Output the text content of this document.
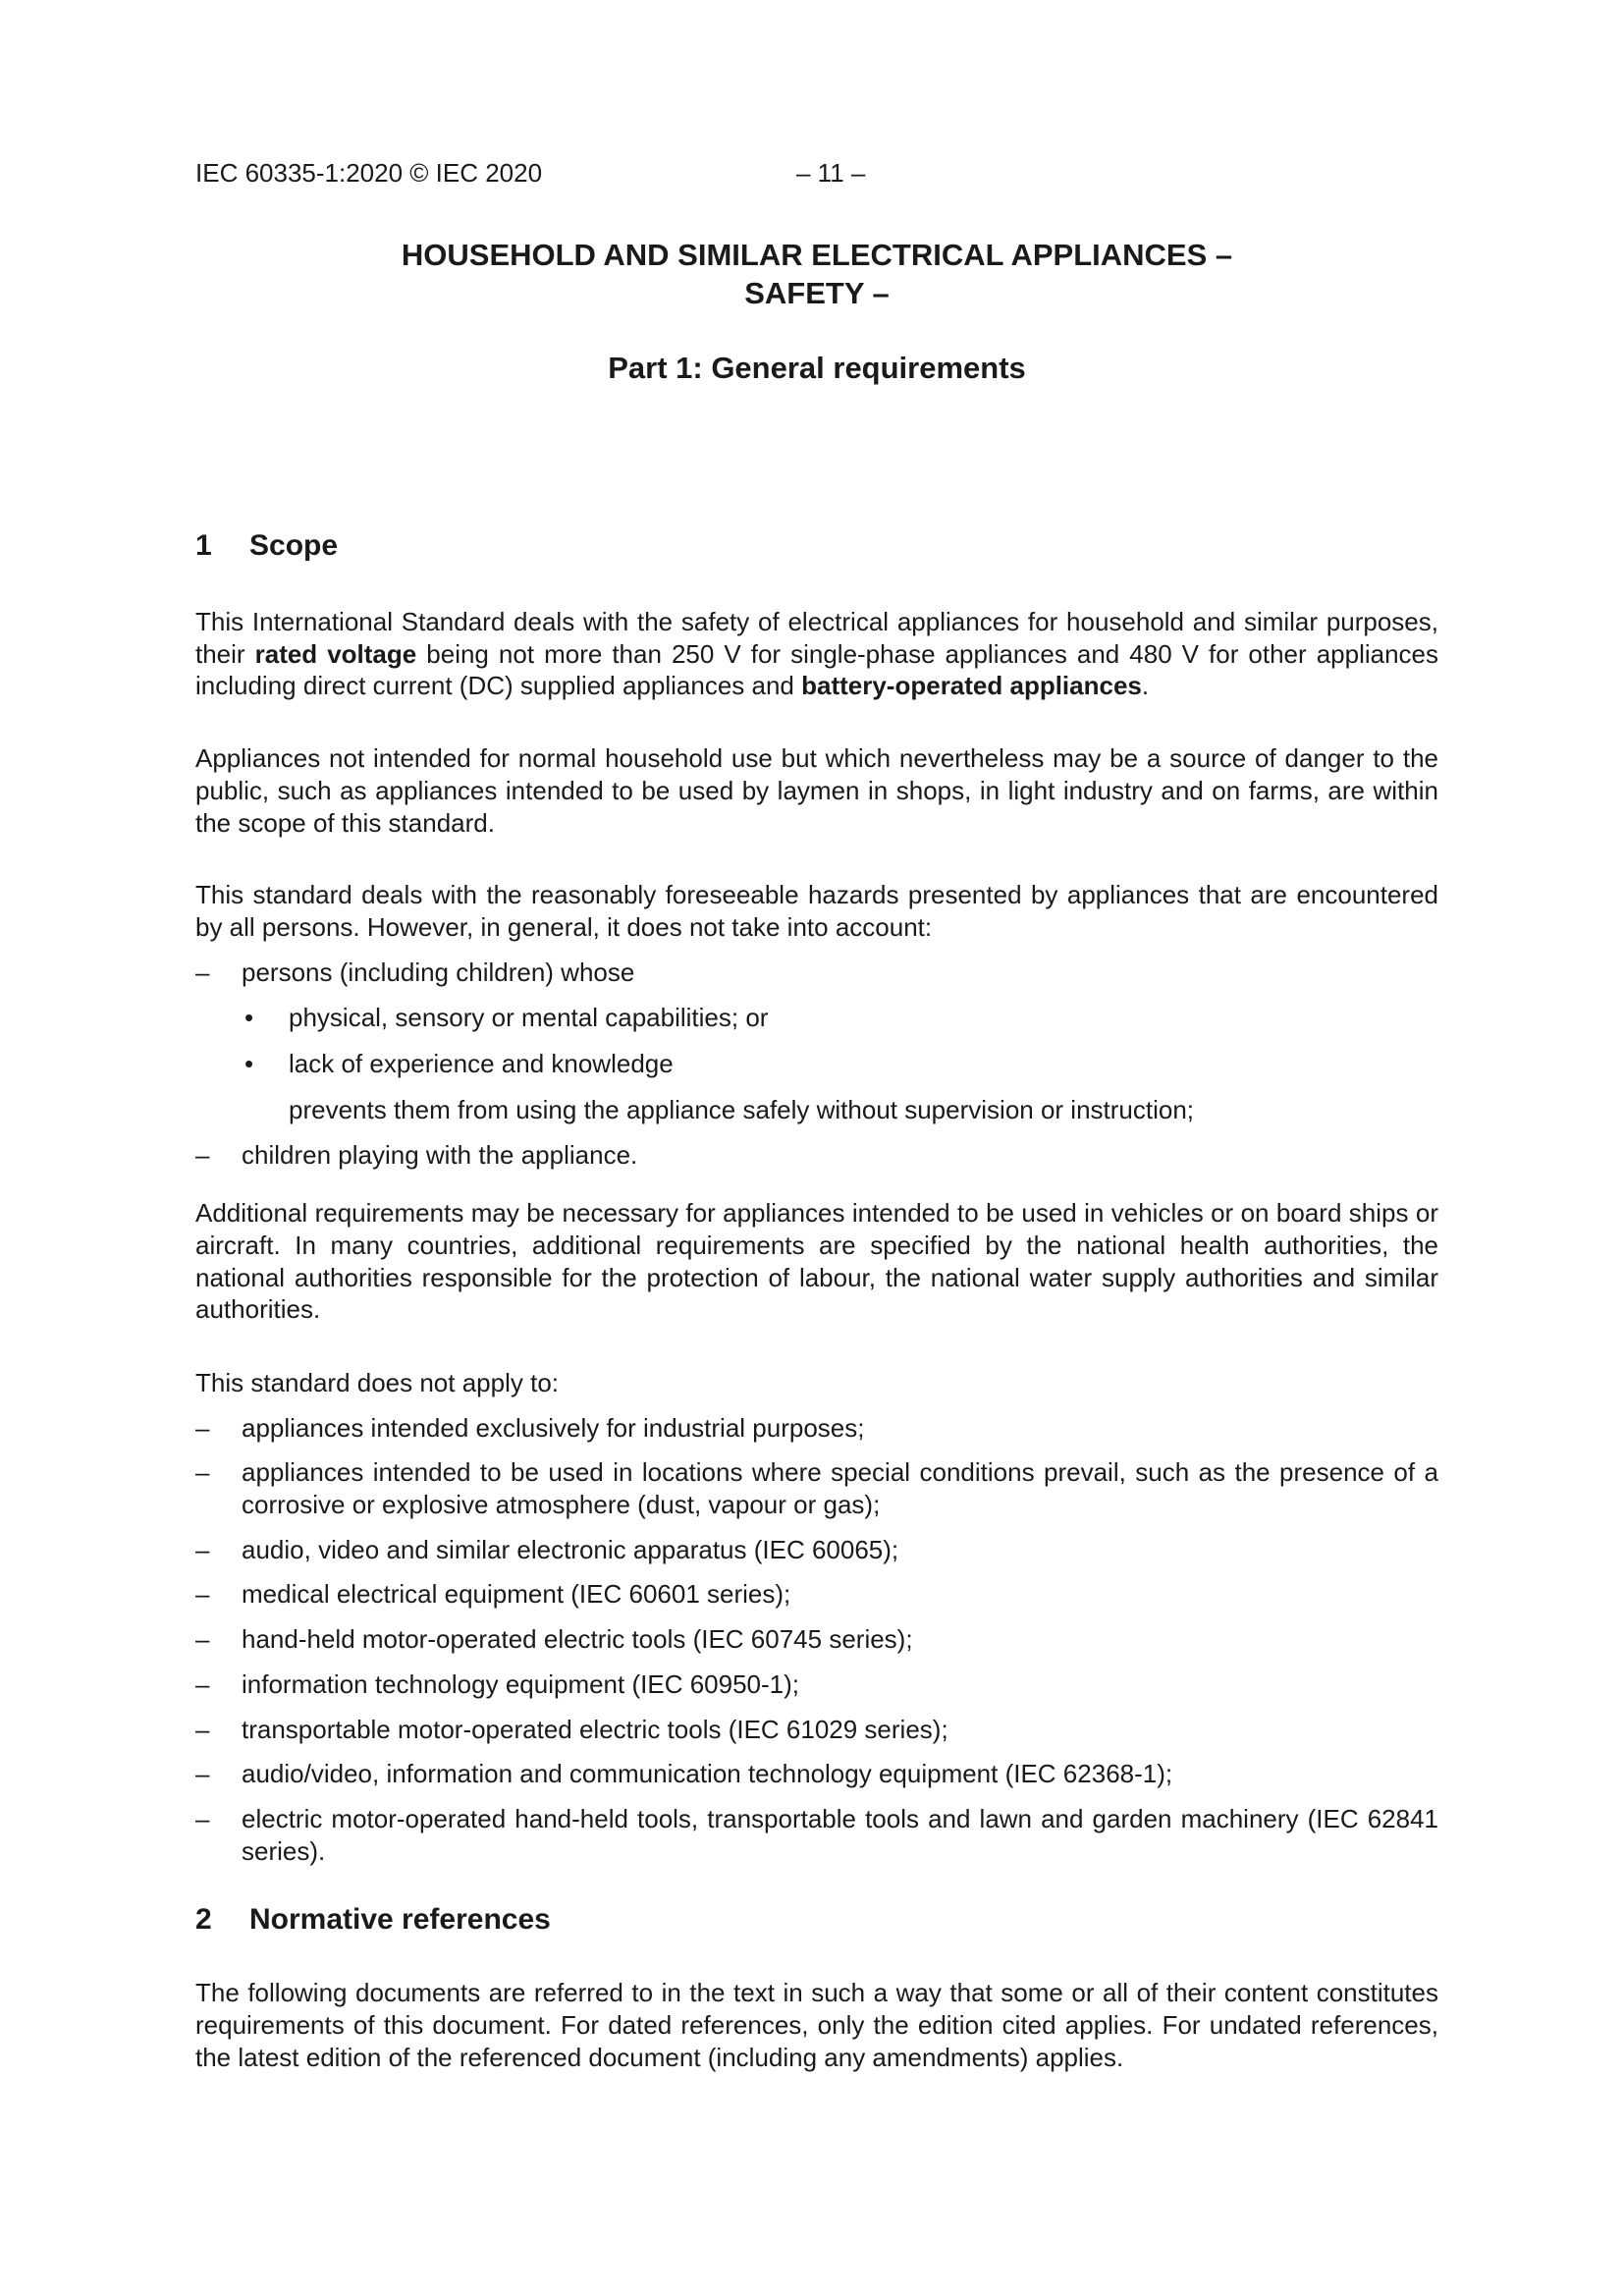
IEC 60335-1:2020 © IEC 2020	– 11 –
HOUSEHOLD AND SIMILAR ELECTRICAL APPLIANCES –
SAFETY –
Part 1: General requirements
1 Scope

This International Standard deals with the safety of electrical appliances for household and similar purposes, their rated voltage being not more than 250 V for single-phase appliances and 480 V for other appliances including direct current (DC) supplied appliances and battery-operated appliances.

Appliances not intended for normal household use but which nevertheless may be a source of danger to the public, such as appliances intended to be used by laymen in shops, in light industry and on farms, are within the scope of this standard.

This standard deals with the reasonably foreseeable hazards presented by appliances that are encountered by all persons. However, in general, it does not take into account:

– persons (including children) whose
• physical, sensory or mental capabilities; or
• lack of experience and knowledge
prevents them from using the appliance safely without supervision or instruction;
– children playing with the appliance.

Additional requirements may be necessary for appliances intended to be used in vehicles or on board ships or aircraft. In many countries, additional requirements are specified by the national health authorities, the national authorities responsible for the protection of labour, the national water supply authorities and similar authorities.

This standard does not apply to:

– appliances intended exclusively for industrial purposes;
– appliances intended to be used in locations where special conditions prevail, such as the presence of a corrosive or explosive atmosphere (dust, vapour or gas);
– audio, video and similar electronic apparatus (IEC 60065);
– medical electrical equipment (IEC 60601 series);
– hand-held motor-operated electric tools (IEC 60745 series);
– information technology equipment (IEC 60950-1);
– transportable motor-operated electric tools (IEC 61029 series);
– audio/video, information and communication technology equipment (IEC 62368-1);
– electric motor-operated hand-held tools, transportable tools and lawn and garden machinery (IEC 62841 series).
2 Normative references

The following documents are referred to in the text in such a way that some or all of their content constitutes requirements of this document. For dated references, only the edition cited applies. For undated references, the latest edition of the referenced document (including any amendments) applies.
